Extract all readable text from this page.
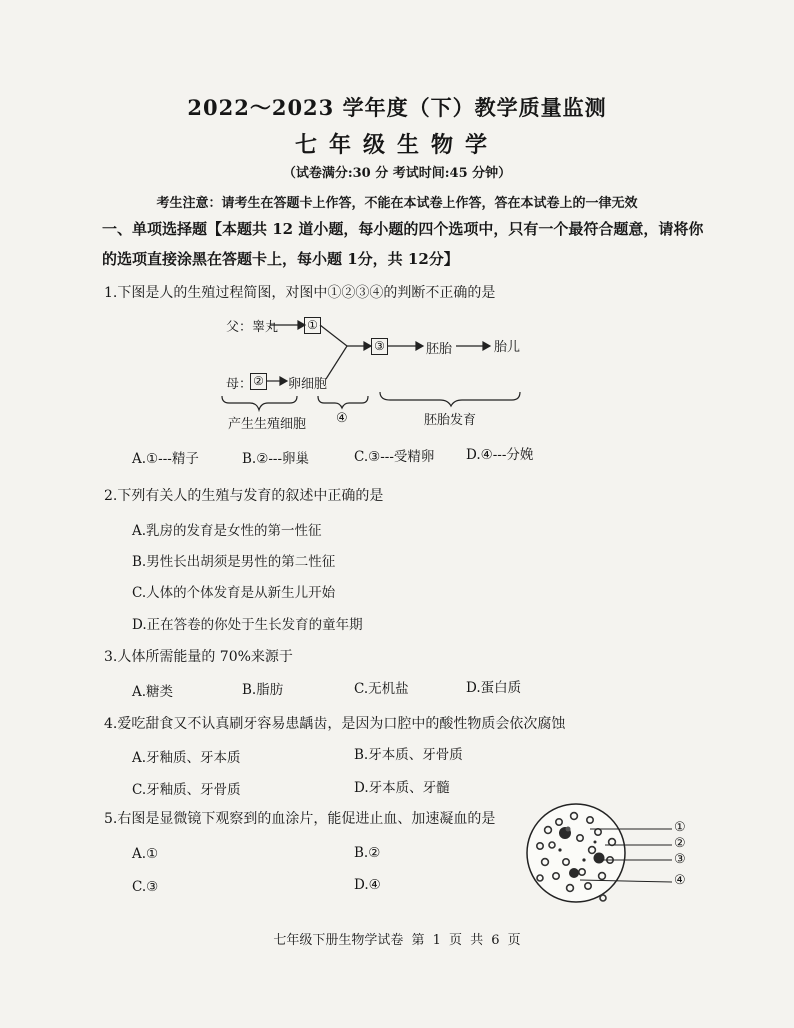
2022～2023 学年度（下）教学质量监测
七年级生物学
（试卷满分:30 分 考试时间:45 分钟）
考生注意：请考生在答题卡上作答，不能在本试卷上作答，答在本试卷上的一律无效
一、单项选择题【本题共 12 道小题，每小题的四个选项中，只有一个最符合题意，请将你
的选项直接涂黑在答题卡上，每小题 1分，共 12分】
1.下图是人的生殖过程简图，对图中①②③④的判断不正确的是
父：睾丸 ①
③	胚胎	胎儿
母： ② 卵细胞
产生生殖细胞 ④	胚胎发育
A.①---精子	B.②---卵巢	C.③---受精卵 D.④---分娩
2.下列有关人的生殖与发育的叙述中正确的是
A.乳房的发育是女性的第一性征
B.男性长出胡须是男性的第二性征
C.人体的个体发育是从新生儿开始
D.正在答卷的你处于生长发育的童年期
3.人体所需能量的 70%来源于
A.糖类	B.脂肪	C.无机盐	D.蛋白质
4.爱吃甜食又不认真刷牙容易患龋齿，是因为口腔中的酸性物质会依次腐蚀
A.牙釉质、牙本质	B.牙本质、牙骨质
C.牙釉质、牙骨质	D.牙本质、牙髓
5.右图是显微镜下观察到的血涂片，能促进止血、加速凝血的是
A.①	B.②
C.③	D.④
①
②
③
④
七年级下册生物学试卷 第 1 页 共 6 页
